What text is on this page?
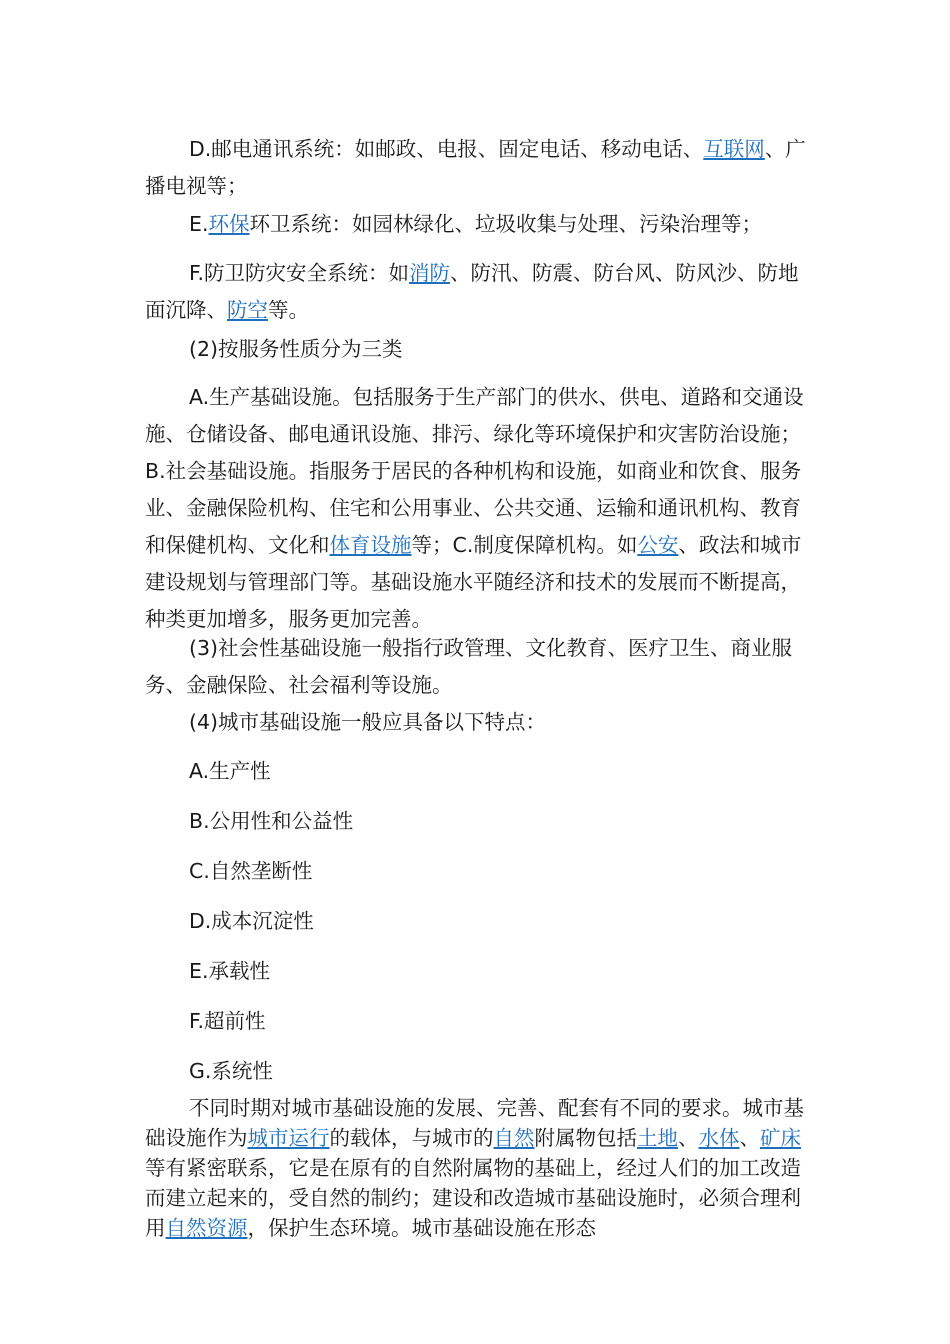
D.邮电通讯系统：如邮政、电报、固定电话、移动电话、互联网、广播电视等；

E.环保环卫系统：如园林绿化、垃圾收集与处理、污染治理等；

F.防卫防灾安全系统：如消防、防汛、防震、防台风、防风沙、防地面沉降、防空等。

(2)按服务性质分为三类

A.生产基础设施。包括服务于生产部门的供水、供电、道路和交通设施、仓储设备、邮电通讯设施、排污、绿化等环境保护和灾害防治设施；B.社会基础设施。指服务于居民的各种机构和设施，如商业和饮食、服务业、金融保险机构、住宅和公用事业、公共交通、运输和通讯机构、教育和保健机构、文化和体育设施等；C.制度保障机构。如公安、政法和城市建设规划与管理部门等。基础设施水平随经济和技术的发展而不断提高，种类更加增多，服务更加完善。

(3)社会性基础设施一般指行政管理、文化教育、医疗卫生、商业服务、金融保险、社会福利等设施。

(4)城市基础设施一般应具备以下特点：

A.生产性

B.公用性和公益性

C.自然垄断性

D.成本沉淀性

E.承载性

F.超前性

G.系统性

不同时期对城市基础设施的发展、完善、配套有不同的要求。城市基础设施作为城市运行的载体，与城市的自然附属物包括土地、水体、矿床等有紧密联系，它是在原有的自然附属物的基础上，经过人们的加工改造而建立起来的，受自然的制约；建设和改造城市基础设施时，必须合理利用自然资源，保护生态环境。城市基础设施在形态
